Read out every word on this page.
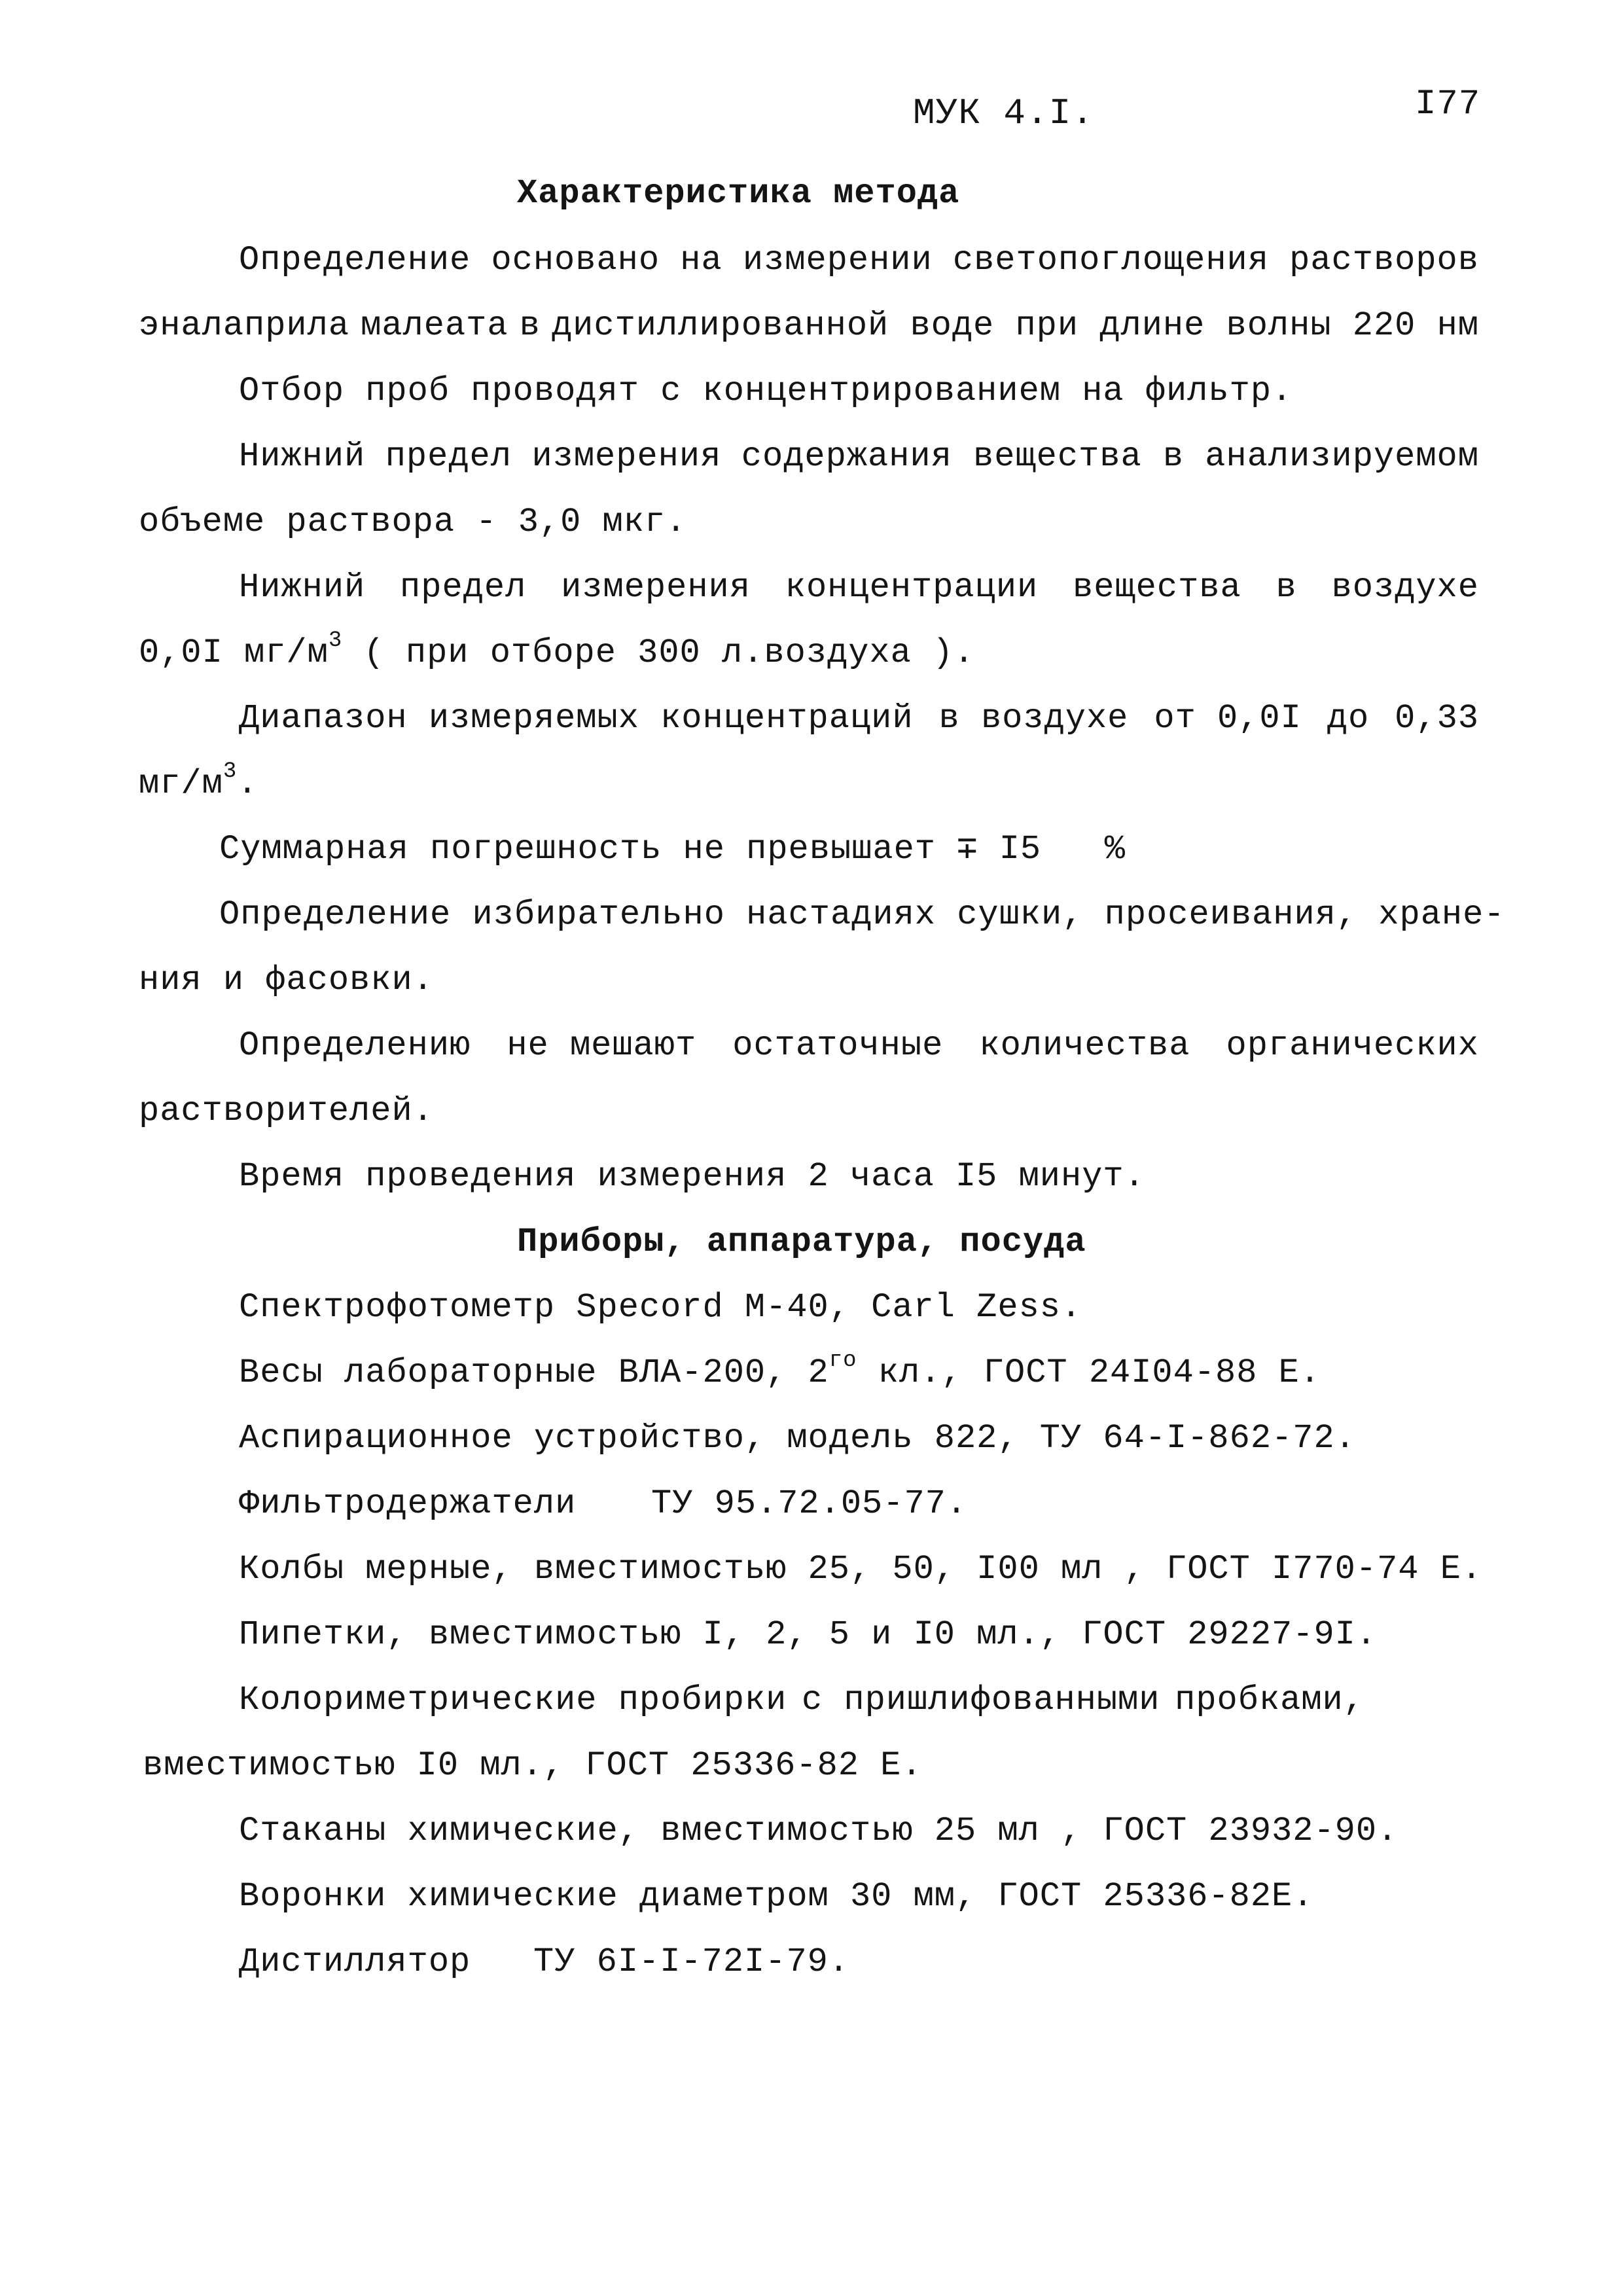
МУК 4.I.	I77
Характеристика метода
Определение основано на измерении светопоглощения растворов
эналаприла малеата в дистиллированной воде при длине волны 220 нм
Отбор проб проводят с концентрированием на фильтр.
Нижний предел измерения содержания вещества в анализируемом
объеме раствора - 3,0 мкг.
Нижний предел измерения концентрации вещества в воздухе
0,0I $мг/м^3$ ( при отборе 300 л.воздуха ).
Диапазон измеряемых концентраций в воздухе от 0,0I до 0,33
$мг/м^3$.
Суммарная погрешность не превышает ∓ I5   %
Определение избирательно на стадиях сушки, просеивания, хране-
ния и фасовки.
Определению не мешают остаточные количества органических
растворителей.
Время проведения измерения 2 часа I5 минут.
Приборы, аппаратура, посуда
Спектрофотометр Specord M-40, Carl Zess.
Весы лабораторные ВЛА-200, $2^{го}$ кл., ГОСТ 24I04-88 Е.
Аспирационное устройство, модель 822, ТУ 64-I-862-72.
Фильтродержатели ТУ 95.72.05-77.
Колбы мерные, вместимостью 25, 50, I00 мл , ГОСТ I770-74 Е.
Пипетки, вместимостью I, 2, 5 и I0 мл., ГОСТ 29227-9I.
Колориметрические пробирки с пришлифованными пробками,
вместимостью I0 мл., ГОСТ 25336-82 Е.
Стаканы химические, вместимостью 25 мл , ГОСТ 23932-90.
Воронки химические диаметром 30 мм, ГОСТ 25336-82Е.
Дистиллятор ТУ 6I-I-72I-79.
